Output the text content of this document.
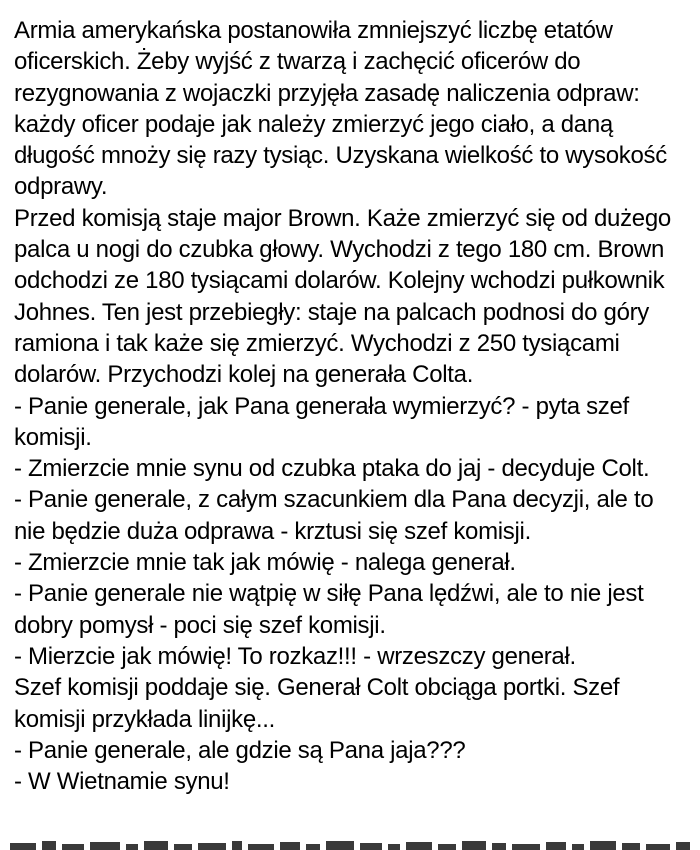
Armia amerykańska postanowiła zmniejszyć liczbę etatów
oficerskich. Żeby wyjść z twarzą i zachęcić oficerów do
rezygnowania z wojaczki przyjęła zasadę naliczenia odpraw:
każdy oficer podaje jak należy zmierzyć jego ciało, a daną
długość mnoży się razy tysiąc. Uzyskana wielkość to wysokość
odprawy.
Przed komisją staje major Brown. Każe zmierzyć się od dużego
palca u nogi do czubka głowy. Wychodzi z tego 180 cm. Brown
odchodzi ze 180 tysiącami dolarów. Kolejny wchodzi pułkownik
Johnes. Ten jest przebiegły: staje na palcach podnosi do góry
ramiona i tak każe się zmierzyć. Wychodzi z 250 tysiącami
dolarów. Przychodzi kolej na generała Colta.
- Panie generale, jak Pana generała wymierzyć? - pyta szef
komisji.
- Zmierzcie mnie synu od czubka ptaka do jaj - decyduje Colt.
- Panie generale, z całym szacunkiem dla Pana decyzji, ale to
nie będzie duża odprawa - krztusi się szef komisji.
- Zmierzcie mnie tak jak mówię - nalega generał.
- Panie generale nie wątpię w siłę Pana lędźwi, ale to nie jest
dobry pomysł - poci się szef komisji.
- Mierzcie jak mówię! To rozkaz!!! - wrzeszczy generał.
Szef komisji poddaje się. Generał Colt obciąga portki. Szef
komisji przykłada linijkę...
- Panie generale, ale gdzie są Pana jaja???
- W Wietnamie synu!
